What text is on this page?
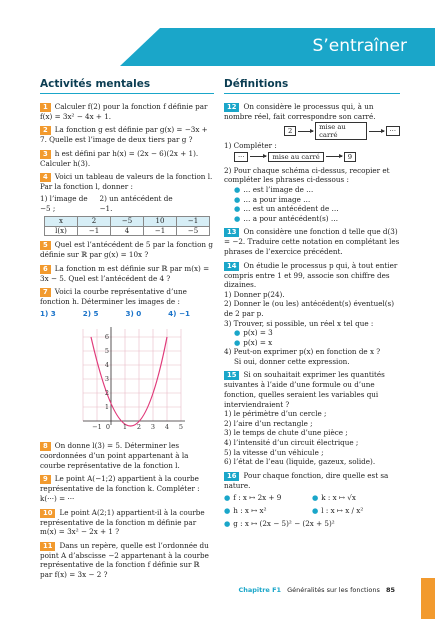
S’entraîner
Activités mentales
1 Calculer f(2) pour la fonction f définie par f(x) = 3x² − 4x + 1.
2 La fonction g est définie par g(x) = −3x + 7. Quelle est l’image de deux tiers par g ?
3 h est défini par h(x) = (2x − 6)(2x + 1). Calculer h(3).
4 Voici un tableau de valeurs de la fonction l. Par la fonction l, donner :
1) l’image de −5 ;
2) un antécédent de −1.
x	2	−5	10	−1
l(x)	−1	4	−1	−5
5 Quel est l’antécédent de 5 par la fonction g définie sur ℝ par g(x) = 10x ?
6 La fonction m est définie sur ℝ par m(x) = 3x − 5. Quel est l’antécédent de 4 ?
7 Voici la courbe représentative d’une fonction h. Déterminer les images de :
1) 3	2) 5	3) 0	4) −1
−1 0 1 2 3 4 5
1
2
3
4
5
6
8 On donne l(3) = 5. Déterminer les coordonnées d’un point appartenant à la courbe représentative de la fonction l.
9 Le point A(−1;2) appartient à la courbe représentative de la fonction k. Compléter : k(···) = ···
10 Le point A(2;1) appartient-il à la courbe représentative de la fonction m définie par m(x) = 3x² − 2x + 1 ?
11 Dans un repère, quelle est l’ordonnée du point A d’abscisse −2 appartenant à la courbe représentative de la fonction f définie sur ℝ par f(x) = 3x − 2 ?
Définitions
12 On considère le processus qui, à un nombre réel, fait correspondre son carré.
2	mise au carré	···
1) Compléter :
···	mise au carré	9
2) Pour chaque schéma ci-dessus, recopier et compléter les phrases ci-dessous :
● … est l’image de …
● … a pour image …
● … est un antécédent de …
● … a pour antécédent(s) …
13 On considère une fonction d telle que d(3) = −2. Traduire cette notation en complétant les phrases de l’exercice précédent.
14 On étudie le processus p qui, à tout entier compris entre 1 et 99, associe son chiffre des dizaines.
1) Donner p(24).
2) Donner le (ou les) antécédent(s) éventuel(s) de 2 par p.
3) Trouver, si possible, un réel x tel que :
● p(x) = 3
● p(x) = x
4) Peut-on exprimer p(x) en fonction de x ?
Si oui, donner cette expression.
15 Si on souhaitait exprimer les quantités suivantes à l’aide d’une formule ou d’une fonction, quelles seraient les variables qui interviendraient ?
1) le périmètre d’un cercle ;
2) l’aire d’un rectangle ;
3) le temps de chute d’une pièce ;
4) l’intensité d’un circuit électrique ;
5) la vitesse d’un véhicule ;
6) l’état de l’eau (liquide, gazeux, solide).
16 Pour chaque fonction, dire quelle est sa nature.
● f : x ↦ 2x + 9	● k : x ↦ √x
● h : x ↦ x²	● l : x ↦ x / x²
● g : x ↦ (2x − 5)² − (2x + 5)²
Chapitre F1 Généralités sur les fonctions 85
